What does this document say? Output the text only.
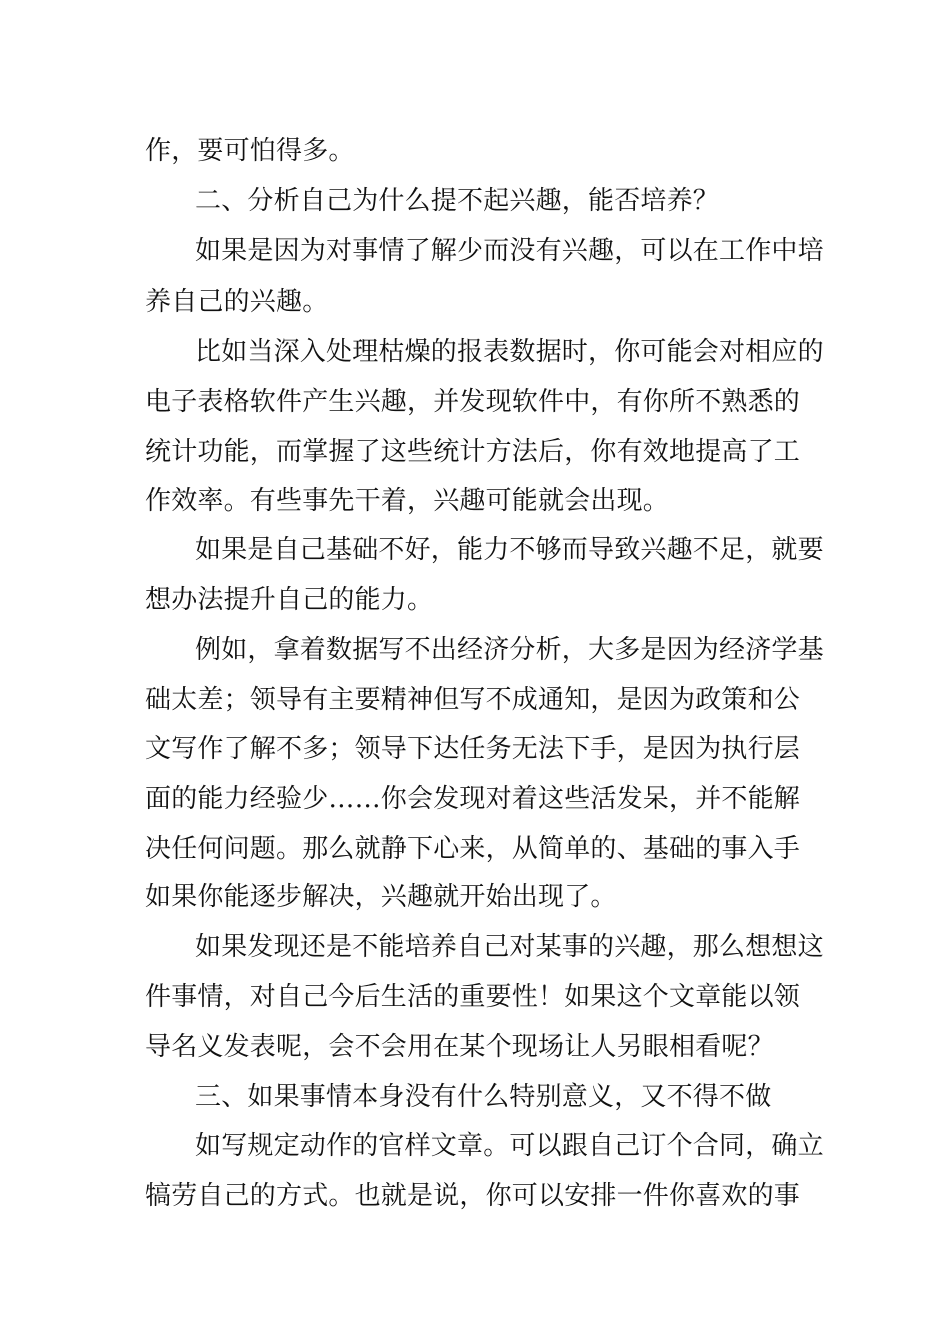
作，要可怕得多。

二、分析自己为什么提不起兴趣，能否培养？

如果是因为对事情了解少而没有兴趣，可以在工作中培

养自己的兴趣。

比如当深入处理枯燥的报表数据时，你可能会对相应的

电子表格软件产生兴趣，并发现软件中，有你所不熟悉的

统计功能，而掌握了这些统计方法后，你有效地提高了工

作效率。有些事先干着，兴趣可能就会出现。

如果是自己基础不好，能力不够而导致兴趣不足，就要

想办法提升自己的能力。

例如，拿着数据写不出经济分析，大多是因为经济学基

础太差；领导有主要精神但写不成通知，是因为政策和公

文写作了解不多；领导下达任务无法下手，是因为执行层

面的能力经验少……你会发现对着这些活发呆，并不能解

决任何问题。那么就静下心来，从简单的、基础的事入手

如果你能逐步解决，兴趣就开始出现了。

如果发现还是不能培养自己对某事的兴趣，那么想想这

件事情，对自己今后生活的重要性！如果这个文章能以领

导名义发表呢，会不会用在某个现场让人另眼相看呢？

三、如果事情本身没有什么特别意义，又不得不做

如写规定动作的官样文章。可以跟自己订个合同，确立

犒劳自己的方式。也就是说，你可以安排一件你喜欢的事
